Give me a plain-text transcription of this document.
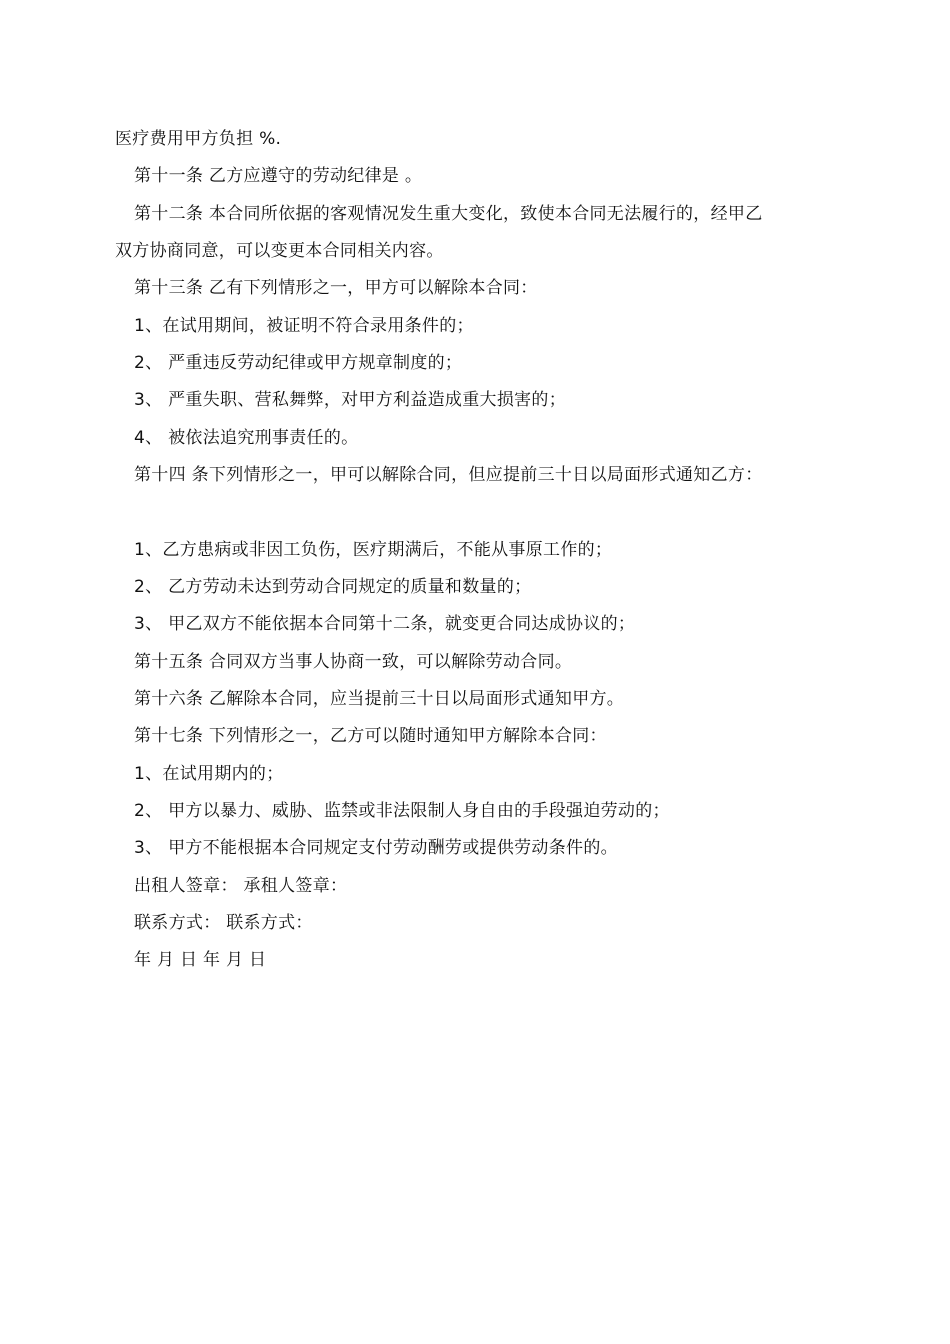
医疗费用甲方负担 %.
第十一条 乙方应遵守的劳动纪律是 。
第十二条 本合同所依据的客观情况发生重大变化，致使本合同无法履行的，经甲乙
双方协商同意，可以变更本合同相关内容。
第十三条 乙有下列情形之一，甲方可以解除本合同：
1、在试用期间，被证明不符合录用条件的；
2、 严重违反劳动纪律或甲方规章制度的；
3、 严重失职、营私舞弊，对甲方利益造成重大损害的；
4、 被依法追究刑事责任的。
第十四 条下列情形之一，甲可以解除合同，但应提前三十日以局面形式通知乙方：
1、乙方患病或非因工负伤，医疗期满后，不能从事原工作的；
2、 乙方劳动未达到劳动合同规定的质量和数量的；
3、 甲乙双方不能依据本合同第十二条，就变更合同达成协议的；
第十五条 合同双方当事人协商一致，可以解除劳动合同。
第十六条 乙解除本合同，应当提前三十日以局面形式通知甲方。
第十七条 下列情形之一，乙方可以随时通知甲方解除本合同：
1、在试用期内的；
2、 甲方以暴力、威胁、监禁或非法限制人身自由的手段强迫劳动的；
3、 甲方不能根据本合同规定支付劳动酬劳或提供劳动条件的。
出租人签章： 承租人签章：
联系方式： 联系方式：
年 月 日 年 月 日
